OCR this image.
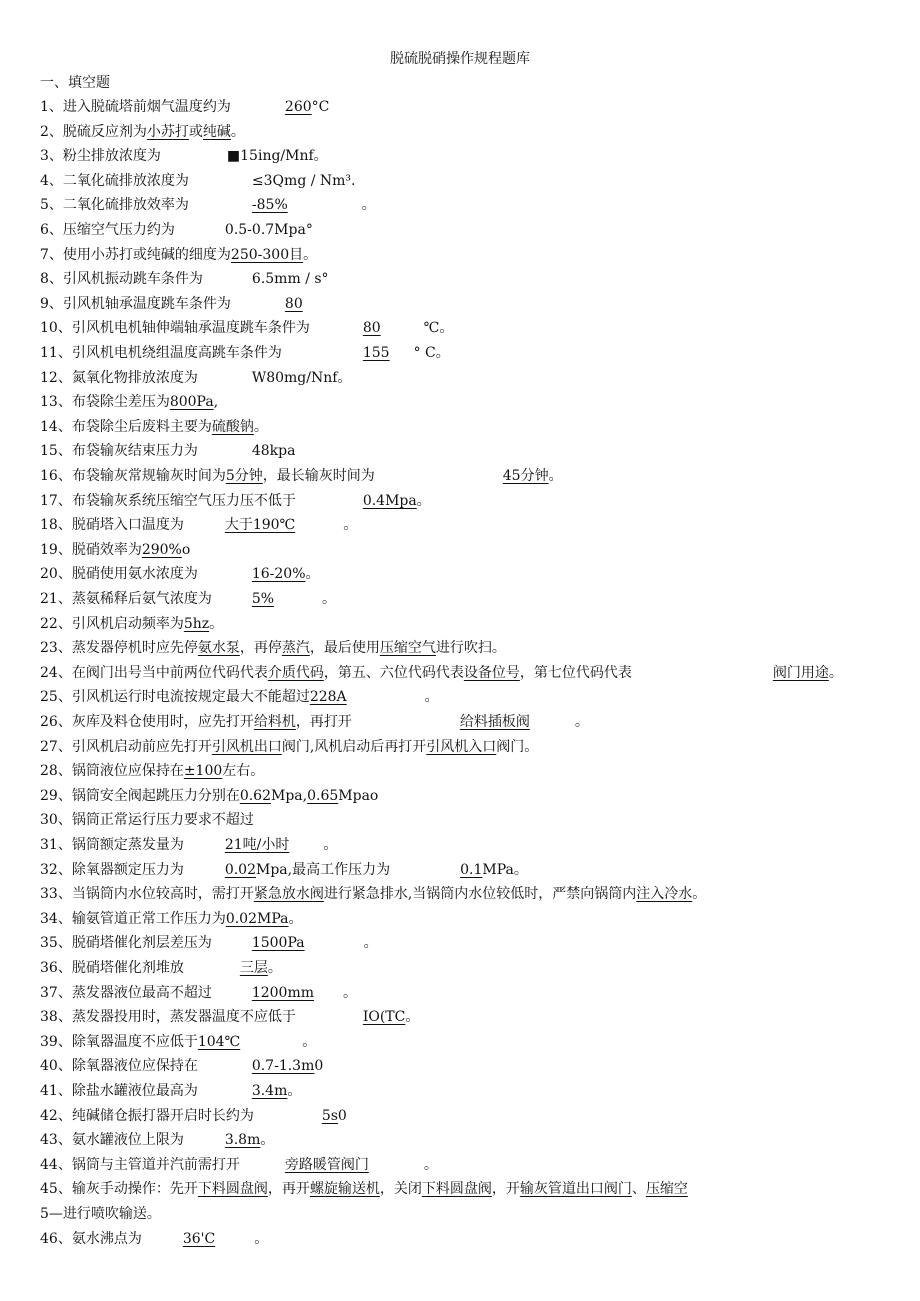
脱硫脱硝操作规程题库
一、填空题
1、进入脱硫塔前烟气温度约为	260°C
2、脱硫反应剂为小苏打或纯碱。
3、粉尘排放浓度为	■15ing/Mnf。
4、二氧化硫排放浓度为	≤3Qmg / Nm³.
5、二氧化硫排放效率为	-85%	。
6、压缩空气压力约为	0.5-0.7Mpa°
7、使用小苏打或纯碱的细度为250-300目。
8、引风机振动跳车条件为	6.5mm / s°
9、引风机轴承温度跳车条件为	80
10、引风机电机轴伸端轴承温度跳车条件为	80	℃。
11、引风机电机绕组温度高跳车条件为	155 ° C。
12、氮氧化物排放浓度为	W80mg/Nnf。
13、布袋除尘差压为800Pa,
14、布袋除尘后废料主要为硫酸钠。
15、布袋输灰结束压力为	48kpa
16、布袋输灰常规输灰时间为5分钟，最长输灰时间为	45分钟。
17、布袋输灰系统压缩空气压力压不低于	0.4Mpa。
18、脱硝塔入口温度为	大于190℃	。
19、脱硝效率为290%o
20、脱硝使用氨水浓度为	16-20%。
21、蒸氨稀释后氨气浓度为	5%	。
22、引风机启动频率为5hz。
23、蒸发器停机时应先停氨水泵，再停蒸汽，最后使用压缩空气进行吹扫。
24、在阀门出号当中前两位代码代表介质代码，第五、六位代码代表设备位号，第七位代码代表	阀门用途。
25、引风机运行时电流按规定最大不能超过228A	。
26、灰库及料仓使用时，应先打开给料机，再打开	给料插板阀	。
27、引风机启动前应先打开引风机出口阀门,风机启动后再打开引风机入口阀门。
28、锅筒液位应保持在±100左右。
29、锅筒安全阀起跳压力分别在0.62Mpa,0.65Mpao
30、锅筒正常运行压力要求不超过
31、锅筒额定蒸发量为	21吨/小时 。
32、除氧器额定压力为	0.02Mpa,最高工作压力为	0.1MPa。
33、当锅筒内水位较高时，需打开紧急放水阀进行紧急排水,当锅筒内水位较低时，严禁向锅筒内注入冷水。
34、输氨管道正常工作压力为0.02MPa。
35、脱硝塔催化剂层差压为	1500Pa	。
36、脱硝塔催化剂堆放	三层。
37、蒸发器液位最高不超过	1200mm 。
38、蒸发器投用时，蒸发器温度不应低于	IO(TC。
39、除氧器温度不应低于104℃	。
40、除氧器液位应保持在	0.7-1.3m0
41、除盐水罐液位最高为	3.4m。
42、纯碱储仓振打器开启时长约为	5s0
43、氨水罐液位上限为	3.8m。
44、锅筒与主管道并汽前需打开	旁路暖管阀门	。
45、输灰手动操作：先开下料圆盘阀，再开螺旋输送机，关闭下料圆盘阀，开输灰管道出口阀门、压缩空
5—进行喷吹输送。
46、氨水沸点为	36'C	。
